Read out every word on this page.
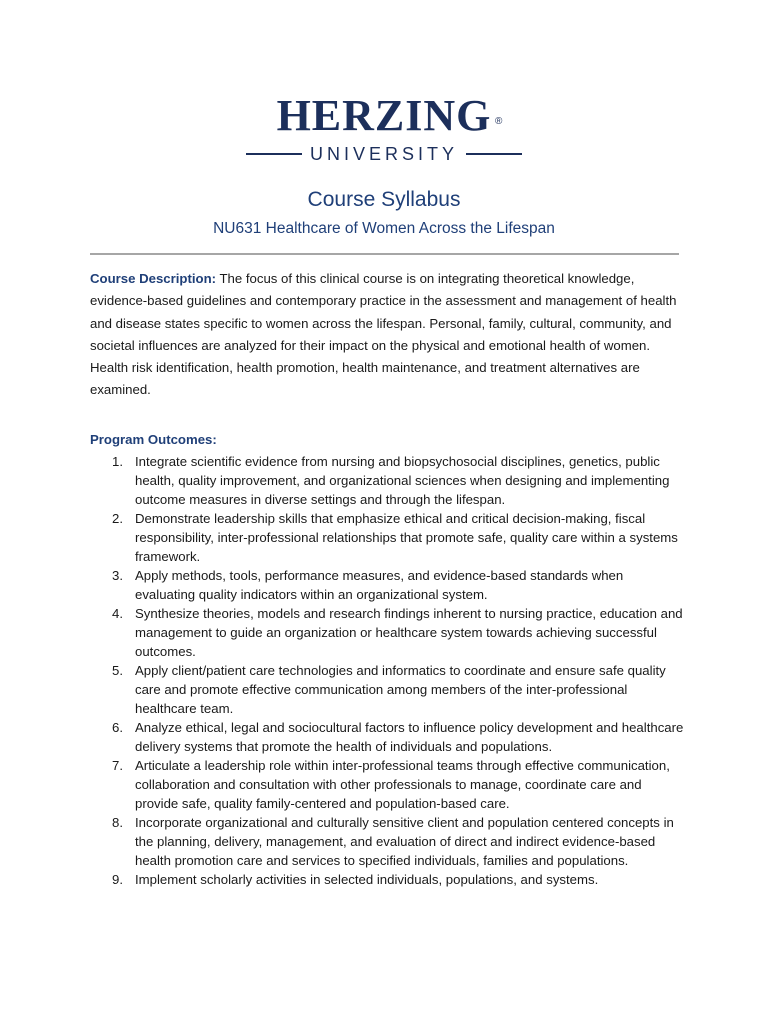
HERZING ®
UNIVERSITY
Course Syllabus
NU631 Healthcare of Women Across the Lifespan
Course Description: The focus of this clinical course is on integrating theoretical knowledge, evidence-based guidelines and contemporary practice in the assessment and management of health and disease states specific to women across the lifespan. Personal, family, cultural, community, and societal influences are analyzed for their impact on the physical and emotional health of women. Health risk identification, health promotion, health maintenance, and treatment alternatives are examined.
Program Outcomes:
1. Integrate scientific evidence from nursing and biopsychosocial disciplines, genetics, public health, quality improvement, and organizational sciences when designing and implementing outcome measures in diverse settings and through the lifespan.
2. Demonstrate leadership skills that emphasize ethical and critical decision-making, fiscal responsibility, inter-professional relationships that promote safe, quality care within a systems framework.
3. Apply methods, tools, performance measures, and evidence-based standards when evaluating quality indicators within an organizational system.
4. Synthesize theories, models and research findings inherent to nursing practice, education and management to guide an organization or healthcare system towards achieving successful outcomes.
5. Apply client/patient care technologies and informatics to coordinate and ensure safe quality care and promote effective communication among members of the inter-professional healthcare team.
6. Analyze ethical, legal and sociocultural factors to influence policy development and healthcare delivery systems that promote the health of individuals and populations.
7. Articulate a leadership role within inter-professional teams through effective communication, collaboration and consultation with other professionals to manage, coordinate care and provide safe, quality family-centered and population-based care.
8. Incorporate organizational and culturally sensitive client and population centered concepts in the planning, delivery, management, and evaluation of direct and indirect evidence-based health promotion care and services to specified individuals, families and populations.
9. Implement scholarly activities in selected individuals, populations, and systems.
